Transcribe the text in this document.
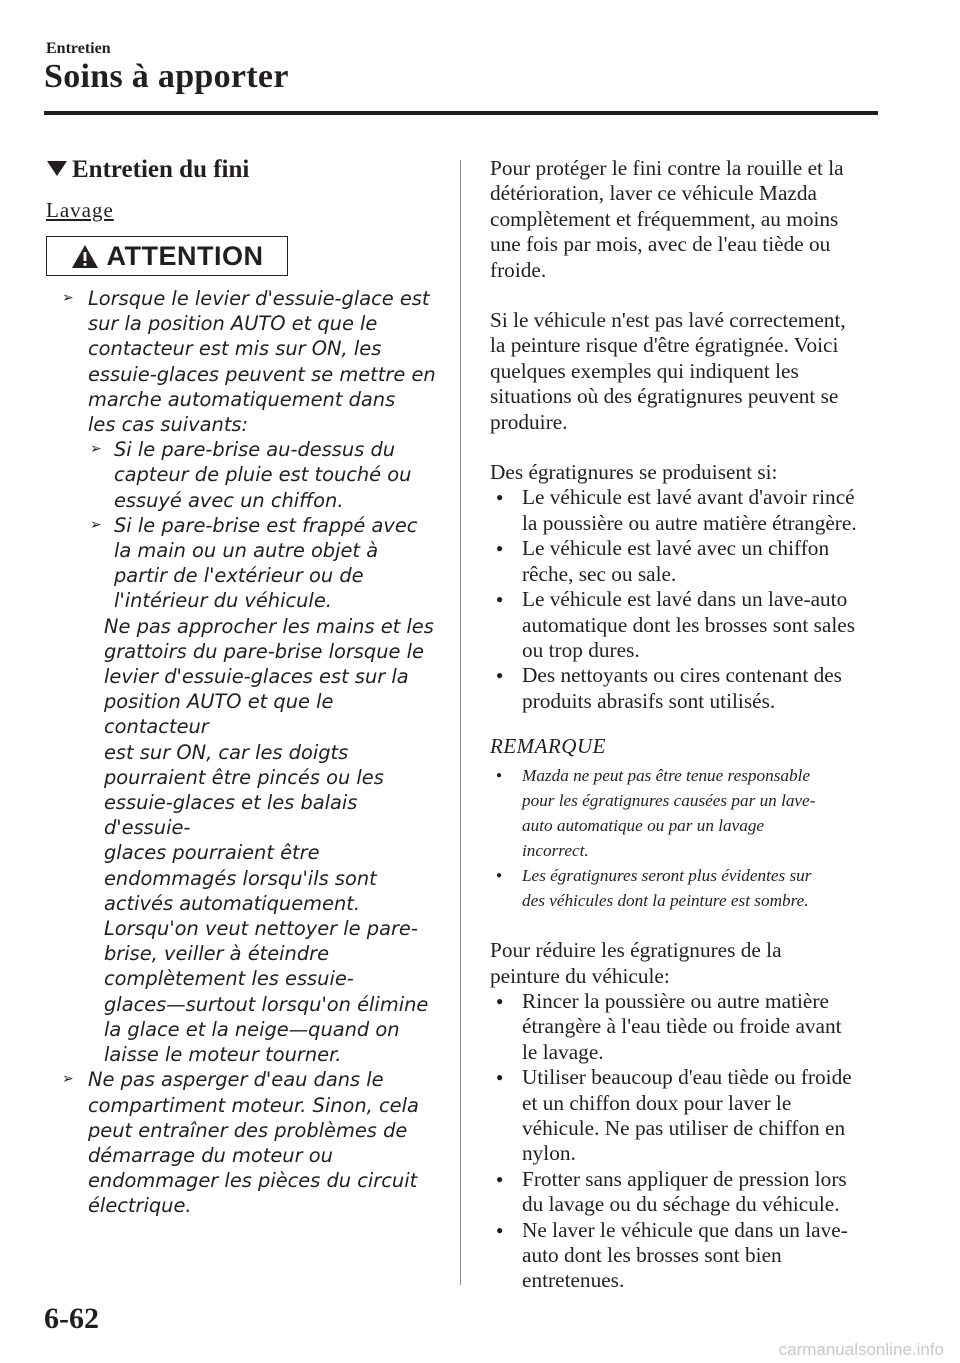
Entretien
Soins à apporter
Entretien du fini
Lavage
ATTENTION
➢ Lorsque le levier d'essuie-glace est
sur la position AUTO et que le
contacteur est mis sur ON, les
essuie-glaces peuvent se mettre en
marche automatiquement dans
les cas suivants:
➢ Si le pare-brise au-dessus du
capteur de pluie est touché ou
essuyé avec un chiffon.
➢ Si le pare-brise est frappé avec
la main ou un autre objet à
partir de l'extérieur ou de
l'intérieur du véhicule.
Ne pas approcher les mains et les
grattoirs du pare-brise lorsque le
levier d'essuie-glaces est sur la
position AUTO et que le contacteur
est sur ON, car les doigts
pourraient être pincés ou les
essuie-glaces et les balais d'essuie-
glaces pourraient être
endommagés lorsqu'ils sont
activés automatiquement.
Lorsqu'on veut nettoyer le pare-
brise, veiller à éteindre
complètement les essuie-
glaces—surtout lorsqu'on élimine
la glace et la neige—quand on
laisse le moteur tourner.
➢ Ne pas asperger d'eau dans le
compartiment moteur. Sinon, cela
peut entraîner des problèmes de
démarrage du moteur ou
endommager les pièces du circuit
électrique.
Pour protéger le fini contre la rouille et la
détérioration, laver ce véhicule Mazda
complètement et fréquemment, au moins
une fois par mois, avec de l'eau tiède ou
froide.
Si le véhicule n'est pas lavé correctement,
la peinture risque d'être égratignée. Voici
quelques exemples qui indiquent les
situations où des égratignures peuvent se
produire.
Des égratignures se produisent si:
● Le véhicule est lavé avant d'avoir rincé
la poussière ou autre matière étrangère.
● Le véhicule est lavé avec un chiffon
rêche, sec ou sale.
● Le véhicule est lavé dans un lave-auto
automatique dont les brosses sont sales
ou trop dures.
● Des nettoyants ou cires contenant des
produits abrasifs sont utilisés.
REMARQUE
●	Mazda ne peut pas être tenue responsable
pour les égratignures causées par un lave-
auto automatique ou par un lavage
incorrect.
●	Les égratignures seront plus évidentes sur
des véhicules dont la peinture est sombre.
Pour réduire les égratignures de la
peinture du véhicule:
● Rincer la poussière ou autre matière
étrangère à l'eau tiède ou froide avant
le lavage.
● Utiliser beaucoup d'eau tiède ou froide
et un chiffon doux pour laver le
véhicule. Ne pas utiliser de chiffon en
nylon.
● Frotter sans appliquer de pression lors
du lavage ou du séchage du véhicule.
● Ne laver le véhicule que dans un lave-
auto dont les brosses sont bien
entretenues.
6-62
carmanualsonline.info
